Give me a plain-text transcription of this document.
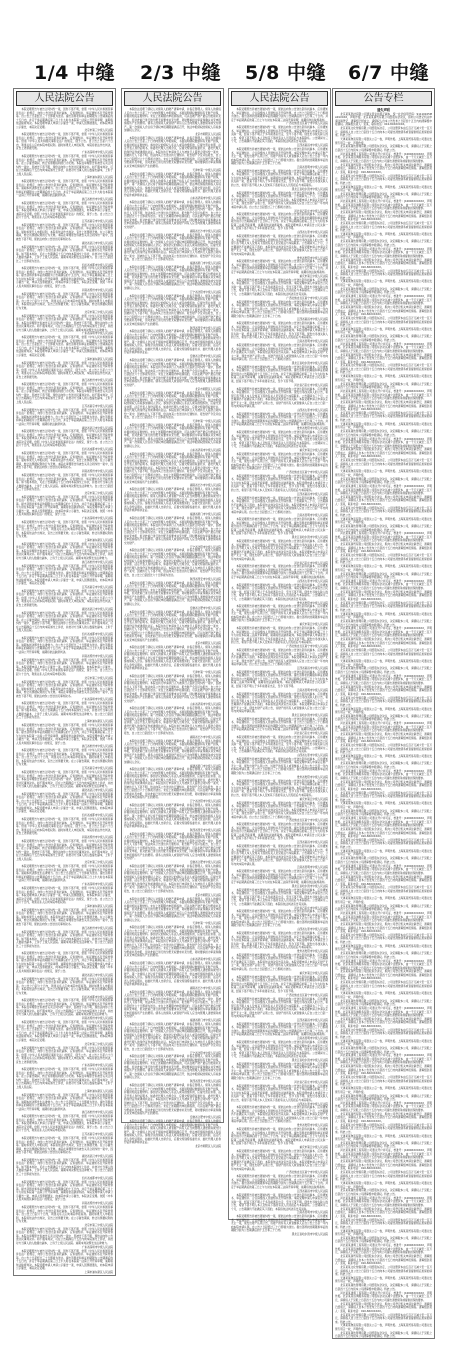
1/4 中缝 2/3 中缝 5/8 中缝 6/7 中缝
人民法院公告

本院受理原告与被告合同纠纷一案，因你下落不明，依照《中华人民共和国民事诉讼法》的规定，向你公告送达起诉状副本、应诉通知书、举证通知书及开庭传票等。自公告之日起经过三十日即视为送达。提出答辩状和举证的期限为公告期满后的十五日内，并定于举证期满后第三日上午九时在本院第一法庭公开开庭审理，逾期将依法缺席判决。本院受理申请人申请公示催告一案，申请人因票据遗失，向本院申请公示催告，本院决定受理。

北京市第三中级人民法院

本院受理原告与被告合同纠纷一案，因你下落不明，依照《中华人民共和国民事诉讼法》的规定，向你公告送达起诉状副本、应诉通知书、举证通知书及开庭传票等。依照《中华人民共和国民事诉讼法》的规定，现予公告。自公告之日起六十日内，利害关系人应向本院申报权利。届时如果无人申报权利，本院将依法作出判决，宣告上述票据无效。

广东省深圳市中级人民法院

本院受理原告与被告合同纠纷一案，因你下落不明，依照《中华人民共和国民事诉讼法》的规定，向你公告送达起诉状副本、应诉通知书、举证通知书及开庭传票等。在公示催告期间，转让该票据权利的行为无效。本院在审理原告诉被告买卖合同纠纷一案中，因被告下落不明，现依法向你公告送达民事判决书。如不服本判决，可在公告期满后十五日内向本院递交上诉状，并按对方当事人的人数提出副本，上诉于上级人民法院。

上海市浦东新区人民法院

本院受理原告与被告合同纠纷一案，因你下落不明，依照《中华人民共和国民事诉讼法》的规定，向你公告送达起诉状副本、应诉通知书、举证通知书及开庭传票等。逾期本判决即发生法律效力。自公告之日起经过三十日即视为送达。提出答辩状和举证的期限为公告期满后的十五日内，并定于举证期满后第三日上午九时在本院第一法庭公开开庭审理，逾期将依法缺席判决。

浙江省杭州市中级人民法院

本院受理原告与被告合同纠纷一案，因你下落不明，依照《中华人民共和国民事诉讼法》的规定，向你公告送达起诉状副本、应诉通知书、举证通知书及开庭传票等。本院受理申请人申请公示催告一案，申请人因票据遗失，向本院申请公示催告，本院决定受理。依照《中华人民共和国民事诉讼法》的规定，现予公告。自公告之日起六十日内，利害关系人应向本院申报权利。

江苏省南京市中级人民法院

本院受理原告与被告合同纠纷一案，因你下落不明，依照《中华人民共和国民事诉讼法》的规定，向你公告送达起诉状副本、应诉通知书、举证通知书及开庭传票等。届时如果无人申报权利，本院将依法作出判决，宣告上述票据无效。在公示催告期间，转让该票据权利的行为无效。本院在审理原告诉被告买卖合同纠纷一案中，因被告下落不明，现依法向你公告送达民事判决书。

湖北省武汉市中级人民法院

本院受理原告与被告合同纠纷一案，因你下落不明，依照《中华人民共和国民事诉讼法》的规定，向你公告送达起诉状副本、应诉通知书、举证通知书及开庭传票等。如不服本判决，可在公告期满后十五日内向本院递交上诉状，并按对方当事人的人数提出副本，上诉于上级人民法院。逾期本判决即发生法律效力。自公告之日起经过三十日即视为送达。

四川省成都市中级人民法院

本院受理原告与被告合同纠纷一案，因你下落不明，依照《中华人民共和国民事诉讼法》的规定，向你公告送达起诉状副本、应诉通知书、举证通知书及开庭传票等。提出答辩状和举证的期限为公告期满后的十五日内，并定于举证期满后第三日上午九时在本院第一法庭公开开庭审理，逾期将依法缺席判决。本院受理申请人申请公示催告一案，申请人因票据遗失，向本院申请公示催告，本院决定受理。依照《中华人民共和国民事诉讼法》的规定，现予公告。

河南省郑州市中级人民法院

本院受理原告与被告合同纠纷一案，因你下落不明，依照《中华人民共和国民事诉讼法》的规定，向你公告送达起诉状副本、应诉通知书、举证通知书及开庭传票等。自公告之日起六十日内，利害关系人应向本院申报权利。届时如果无人申报权利，本院将依法作出判决，宣告上述票据无效。在公示催告期间，转让该票据权利的行为无效。

北京市第三中级人民法院

本院受理原告与被告合同纠纷一案，因你下落不明，依照《中华人民共和国民事诉讼法》的规定，向你公告送达起诉状副本、应诉通知书、举证通知书及开庭传票等。本院在审理原告诉被告买卖合同纠纷一案中，因被告下落不明，现依法向你公告送达民事判决书。如不服本判决，可在公告期满后十五日内向本院递交上诉状，并按对方当事人的人数提出副本，上诉于上级人民法院。逾期本判决即发生法律效力。

广东省深圳市中级人民法院

本院受理原告与被告合同纠纷一案，因你下落不明，依照《中华人民共和国民事诉讼法》的规定，向你公告送达起诉状副本、应诉通知书、举证通知书及开庭传票等。自公告之日起经过三十日即视为送达。提出答辩状和举证的期限为公告期满后的十五日内，并定于举证期满后第三日上午九时在本院第一法庭公开开庭审理，逾期将依法缺席判决。本院受理申请人申请公示催告一案，申请人因票据遗失，向本院申请公示催告，本院决定受理。

上海市浦东新区人民法院

本院受理原告与被告合同纠纷一案，因你下落不明，依照《中华人民共和国民事诉讼法》的规定，向你公告送达起诉状副本、应诉通知书、举证通知书及开庭传票等。依照《中华人民共和国民事诉讼法》的规定，现予公告。自公告之日起六十日内，利害关系人应向本院申报权利。届时如果无人申报权利，本院将依法作出判决，宣告上述票据无效。

浙江省杭州市中级人民法院

本院受理原告与被告合同纠纷一案，因你下落不明，依照《中华人民共和国民事诉讼法》的规定，向你公告送达起诉状副本、应诉通知书、举证通知书及开庭传票等。在公示催告期间，转让该票据权利的行为无效。本院在审理原告诉被告买卖合同纠纷一案中，因被告下落不明，现依法向你公告送达民事判决书。如不服本判决，可在公告期满后十五日内向本院递交上诉状，并按对方当事人的人数提出副本，上诉于上级人民法院。

江苏省南京市中级人民法院

本院受理原告与被告合同纠纷一案，因你下落不明，依照《中华人民共和国民事诉讼法》的规定，向你公告送达起诉状副本、应诉通知书、举证通知书及开庭传票等。逾期本判决即发生法律效力。自公告之日起经过三十日即视为送达。提出答辩状和举证的期限为公告期满后的十五日内，并定于举证期满后第三日上午九时在本院第一法庭公开开庭审理，逾期将依法缺席判决。

湖北省武汉市中级人民法院

本院受理原告与被告合同纠纷一案，因你下落不明，依照《中华人民共和国民事诉讼法》的规定，向你公告送达起诉状副本、应诉通知书、举证通知书及开庭传票等。本院受理申请人申请公示催告一案，申请人因票据遗失，向本院申请公示催告，本院决定受理。依照《中华人民共和国民事诉讼法》的规定，现予公告。自公告之日起六十日内，利害关系人应向本院申报权利。

四川省成都市中级人民法院

本院受理原告与被告合同纠纷一案，因你下落不明，依照《中华人民共和国民事诉讼法》的规定，向你公告送达起诉状副本、应诉通知书、举证通知书及开庭传票等。届时如果无人申报权利，本院将依法作出判决，宣告上述票据无效。在公示催告期间，转让该票据权利的行为无效。本院在审理原告诉被告买卖合同纠纷一案中，因被告下落不明，现依法向你公告送达民事判决书。

河南省郑州市中级人民法院

本院受理原告与被告合同纠纷一案，因你下落不明，依照《中华人民共和国民事诉讼法》的规定，向你公告送达起诉状副本、应诉通知书、举证通知书及开庭传票等。如不服本判决，可在公告期满后十五日内向本院递交上诉状，并按对方当事人的人数提出副本，上诉于上级人民法院。逾期本判决即发生法律效力。自公告之日起经过三十日即视为送达。

北京市第三中级人民法院

本院受理原告与被告合同纠纷一案，因你下落不明，依照《中华人民共和国民事诉讼法》的规定，向你公告送达起诉状副本、应诉通知书、举证通知书及开庭传票等。提出答辩状和举证的期限为公告期满后的十五日内，并定于举证期满后第三日上午九时在本院第一法庭公开开庭审理，逾期将依法缺席判决。本院受理申请人申请公示催告一案，申请人因票据遗失，向本院申请公示催告，本院决定受理。依照《中华人民共和国民事诉讼法》的规定，现予公告。

广东省深圳市中级人民法院

本院受理原告与被告合同纠纷一案，因你下落不明，依照《中华人民共和国民事诉讼法》的规定，向你公告送达起诉状副本、应诉通知书、举证通知书及开庭传票等。自公告之日起六十日内，利害关系人应向本院申报权利。届时如果无人申报权利，本院将依法作出判决，宣告上述票据无效。在公示催告期间，转让该票据权利的行为无效。

上海市浦东新区人民法院

本院受理原告与被告合同纠纷一案，因你下落不明，依照《中华人民共和国民事诉讼法》的规定，向你公告送达起诉状副本、应诉通知书、举证通知书及开庭传票等。本院在审理原告诉被告买卖合同纠纷一案中，因被告下落不明，现依法向你公告送达民事判决书。如不服本判决，可在公告期满后十五日内向本院递交上诉状，并按对方当事人的人数提出副本，上诉于上级人民法院。逾期本判决即发生法律效力。

浙江省杭州市中级人民法院

本院受理原告与被告合同纠纷一案，因你下落不明，依照《中华人民共和国民事诉讼法》的规定，向你公告送达起诉状副本、应诉通知书、举证通知书及开庭传票等。自公告之日起经过三十日即视为送达。提出答辩状和举证的期限为公告期满后的十五日内，并定于举证期满后第三日上午九时在本院第一法庭公开开庭审理，逾期将依法缺席判决。本院受理申请人申请公示催告一案，申请人因票据遗失，向本院申请公示催告，本院决定受理。

江苏省南京市中级人民法院

本院受理原告与被告合同纠纷一案，因你下落不明，依照《中华人民共和国民事诉讼法》的规定，向你公告送达起诉状副本、应诉通知书、举证通知书及开庭传票等。依照《中华人民共和国民事诉讼法》的规定，现予公告。自公告之日起六十日内，利害关系人应向本院申报权利。届时如果无人申报权利，本院将依法作出判决，宣告上述票据无效。

湖北省武汉市中级人民法院

本院受理原告与被告合同纠纷一案，因你下落不明，依照《中华人民共和国民事诉讼法》的规定，向你公告送达起诉状副本、应诉通知书、举证通知书及开庭传票等。在公示催告期间，转让该票据权利的行为无效。本院在审理原告诉被告买卖合同纠纷一案中，因被告下落不明，现依法向你公告送达民事判决书。如不服本判决，可在公告期满后十五日内向本院递交上诉状，并按对方当事人的人数提出副本，上诉于上级人民法院。

四川省成都市中级人民法院

本院受理原告与被告合同纠纷一案，因你下落不明，依照《中华人民共和国民事诉讼法》的规定，向你公告送达起诉状副本、应诉通知书、举证通知书及开庭传票等。逾期本判决即发生法律效力。自公告之日起经过三十日即视为送达。提出答辩状和举证的期限为公告期满后的十五日内，并定于举证期满后第三日上午九时在本院第一法庭公开开庭审理，逾期将依法缺席判决。

河南省郑州市中级人民法院

本院受理原告与被告合同纠纷一案，因你下落不明，依照《中华人民共和国民事诉讼法》的规定，向你公告送达起诉状副本、应诉通知书、举证通知书及开庭传票等。本院受理申请人申请公示催告一案，申请人因票据遗失，向本院申请公示催告，本院决定受理。依照《中华人民共和国民事诉讼法》的规定，现予公告。自公告之日起六十日内，利害关系人应向本院申报权利。

北京市第三中级人民法院

本院受理原告与被告合同纠纷一案，因你下落不明，依照《中华人民共和国民事诉讼法》的规定，向你公告送达起诉状副本、应诉通知书、举证通知书及开庭传票等。届时如果无人申报权利，本院将依法作出判决，宣告上述票据无效。在公示催告期间，转让该票据权利的行为无效。本院在审理原告诉被告买卖合同纠纷一案中，因被告下落不明，现依法向你公告送达民事判决书。

广东省深圳市中级人民法院

本院受理原告与被告合同纠纷一案，因你下落不明，依照《中华人民共和国民事诉讼法》的规定，向你公告送达起诉状副本、应诉通知书、举证通知书及开庭传票等。如不服本判决，可在公告期满后十五日内向本院递交上诉状，并按对方当事人的人数提出副本，上诉于上级人民法院。逾期本判决即发生法律效力。自公告之日起经过三十日即视为送达。

上海市浦东新区人民法院

本院受理原告与被告合同纠纷一案，因你下落不明，依照《中华人民共和国民事诉讼法》的规定，向你公告送达起诉状副本、应诉通知书、举证通知书及开庭传票等。提出答辩状和举证的期限为公告期满后的十五日内，并定于举证期满后第三日上午九时在本院第一法庭公开开庭审理，逾期将依法缺席判决。本院受理申请人申请公示催告一案，申请人因票据遗失，向本院申请公示催告，本院决定受理。依照《中华人民共和国民事诉讼法》的规定，现予公告。

浙江省杭州市中级人民法院

本院受理原告与被告合同纠纷一案，因你下落不明，依照《中华人民共和国民事诉讼法》的规定，向你公告送达起诉状副本、应诉通知书、举证通知书及开庭传票等。自公告之日起六十日内，利害关系人应向本院申报权利。届时如果无人申报权利，本院将依法作出判决，宣告上述票据无效。在公示催告期间，转让该票据权利的行为无效。

江苏省南京市中级人民法院

本院受理原告与被告合同纠纷一案，因你下落不明，依照《中华人民共和国民事诉讼法》的规定，向你公告送达起诉状副本、应诉通知书、举证通知书及开庭传票等。本院在审理原告诉被告买卖合同纠纷一案中，因被告下落不明，现依法向你公告送达民事判决书。如不服本判决，可在公告期满后十五日内向本院递交上诉状，并按对方当事人的人数提出副本，上诉于上级人民法院。逾期本判决即发生法律效力。

湖北省武汉市中级人民法院

本院受理原告与被告合同纠纷一案，因你下落不明，依照《中华人民共和国民事诉讼法》的规定，向你公告送达起诉状副本、应诉通知书、举证通知书及开庭传票等。自公告之日起经过三十日即视为送达。提出答辩状和举证的期限为公告期满后的十五日内，并定于举证期满后第三日上午九时在本院第一法庭公开开庭审理，逾期将依法缺席判决。本院受理申请人申请公示催告一案，申请人因票据遗失，向本院申请公示催告，本院决定受理。

四川省成都市中级人民法院

本院受理原告与被告合同纠纷一案，因你下落不明，依照《中华人民共和国民事诉讼法》的规定，向你公告送达起诉状副本、应诉通知书、举证通知书及开庭传票等。依照《中华人民共和国民事诉讼法》的规定，现予公告。自公告之日起六十日内，利害关系人应向本院申报权利。届时如果无人申报权利，本院将依法作出判决，宣告上述票据无效。

河南省郑州市中级人民法院

本院受理原告与被告合同纠纷一案，因你下落不明，依照《中华人民共和国民事诉讼法》的规定，向你公告送达起诉状副本、应诉通知书、举证通知书及开庭传票等。在公示催告期间，转让该票据权利的行为无效。本院在审理原告诉被告买卖合同纠纷一案中，因被告下落不明，现依法向你公告送达民事判决书。如不服本判决，可在公告期满后十五日内向本院递交上诉状，并按对方当事人的人数提出副本，上诉于上级人民法院。

北京市第三中级人民法院

本院受理原告与被告合同纠纷一案，因你下落不明，依照《中华人民共和国民事诉讼法》的规定，向你公告送达起诉状副本、应诉通知书、举证通知书及开庭传票等。逾期本判决即发生法律效力。自公告之日起经过三十日即视为送达。提出答辩状和举证的期限为公告期满后的十五日内，并定于举证期满后第三日上午九时在本院第一法庭公开开庭审理，逾期将依法缺席判决。

广东省深圳市中级人民法院

本院受理原告与被告合同纠纷一案，因你下落不明，依照《中华人民共和国民事诉讼法》的规定，向你公告送达起诉状副本、应诉通知书、举证通知书及开庭传票等。本院受理申请人申请公示催告一案，申请人因票据遗失，向本院申请公示催告，本院决定受理。依照《中华人民共和国民事诉讼法》的规定，现予公告。自公告之日起六十日内，利害关系人应向本院申报权利。

上海市浦东新区人民法院

本院受理原告与被告合同纠纷一案，因你下落不明，依照《中华人民共和国民事诉讼法》的规定，向你公告送达起诉状副本、应诉通知书、举证通知书及开庭传票等。届时如果无人申报权利，本院将依法作出判决，宣告上述票据无效。在公示催告期间，转让该票据权利的行为无效。本院在审理原告诉被告买卖合同纠纷一案中，因被告下落不明，现依法向你公告送达民事判决书。

浙江省杭州市中级人民法院

本院受理原告与被告合同纠纷一案，因你下落不明，依照《中华人民共和国民事诉讼法》的规定，向你公告送达起诉状副本、应诉通知书、举证通知书及开庭传票等。如不服本判决，可在公告期满后十五日内向本院递交上诉状，并按对方当事人的人数提出副本，上诉于上级人民法院。逾期本判决即发生法律效力。自公告之日起经过三十日即视为送达。

江苏省南京市中级人民法院

本院受理原告与被告合同纠纷一案，因你下落不明，依照《中华人民共和国民事诉讼法》的规定，向你公告送达起诉状副本、应诉通知书、举证通知书及开庭传票等。提出答辩状和举证的期限为公告期满后的十五日内，并定于举证期满后第三日上午九时在本院第一法庭公开开庭审理，逾期将依法缺席判决。本院受理申请人申请公示催告一案，申请人因票据遗失，向本院申请公示催告，本院决定受理。依照《中华人民共和国民事诉讼法》的规定，现予公告。

湖北省武汉市中级人民法院

本院受理原告与被告合同纠纷一案，因你下落不明，依照《中华人民共和国民事诉讼法》的规定，向你公告送达起诉状副本、应诉通知书、举证通知书及开庭传票等。自公告之日起六十日内，利害关系人应向本院申报权利。届时如果无人申报权利，本院将依法作出判决，宣告上述票据无效。在公示催告期间，转让该票据权利的行为无效。

四川省成都市中级人民法院

本院受理原告与被告合同纠纷一案，因你下落不明，依照《中华人民共和国民事诉讼法》的规定，向你公告送达起诉状副本、应诉通知书、举证通知书及开庭传票等。本院在审理原告诉被告买卖合同纠纷一案中，因被告下落不明，现依法向你公告送达民事判决书。如不服本判决，可在公告期满后十五日内向本院递交上诉状，并按对方当事人的人数提出副本，上诉于上级人民法院。逾期本判决即发生法律效力。

河南省郑州市中级人民法院

本院受理原告与被告合同纠纷一案，因你下落不明，依照《中华人民共和国民事诉讼法》的规定，向你公告送达起诉状副本、应诉通知书、举证通知书及开庭传票等。自公告之日起经过三十日即视为送达。提出答辩状和举证的期限为公告期满后的十五日内，并定于举证期满后第三日上午九时在本院第一法庭公开开庭审理，逾期将依法缺席判决。本院受理申请人申请公示催告一案，申请人因票据遗失，向本院申请公示催告，本院决定受理。

北京市第三中级人民法院

本院受理原告与被告合同纠纷一案，因你下落不明，依照《中华人民共和国民事诉讼法》的规定，向你公告送达起诉状副本、应诉通知书、举证通知书及开庭传票等。依照《中华人民共和国民事诉讼法》的规定，现予公告。自公告之日起六十日内，利害关系人应向本院申报权利。届时如果无人申报权利，本院将依法作出判决，宣告上述票据无效。

广东省深圳市中级人民法院

本院受理原告与被告合同纠纷一案，因你下落不明，依照《中华人民共和国民事诉讼法》的规定，向你公告送达起诉状副本、应诉通知书、举证通知书及开庭传票等。在公示催告期间，转让该票据权利的行为无效。本院在审理原告诉被告买卖合同纠纷一案中，因被告下落不明，现依法向你公告送达民事判决书。如不服本判决，可在公告期满后十五日内向本院递交上诉状，并按对方当事人的人数提出副本，上诉于上级人民法院。

上海市浦东新区人民法院

本院受理原告与被告合同纠纷一案，因你下落不明，依照《中华人民共和国民事诉讼法》的规定，向你公告送达起诉状副本、应诉通知书、举证通知书及开庭传票等。逾期本判决即发生法律效力。自公告之日起经过三十日即视为送达。提出答辩状和举证的期限为公告期满后的十五日内，并定于举证期满后第三日上午九时在本院第一法庭公开开庭审理，逾期将依法缺席判决。

浙江省杭州市中级人民法院

本院受理原告与被告合同纠纷一案，因你下落不明，依照《中华人民共和国民事诉讼法》的规定，向你公告送达起诉状副本、应诉通知书、举证通知书及开庭传票等。本院受理申请人申请公示催告一案，申请人因票据遗失，向本院申请公示催告，本院决定受理。依照《中华人民共和国民事诉讼法》的规定，现予公告。自公告之日起六十日内，利害关系人应向本院申报权利。

江苏省南京市中级人民法院

本院受理原告与被告合同纠纷一案，因你下落不明，依照《中华人民共和国民事诉讼法》的规定，向你公告送达起诉状副本、应诉通知书、举证通知书及开庭传票等。届时如果无人申报权利，本院将依法作出判决，宣告上述票据无效。在公示催告期间，转让该票据权利的行为无效。本院在审理原告诉被告买卖合同纠纷一案中，因被告下落不明，现依法向你公告送达民事判决书。

湖北省武汉市中级人民法院

本院受理原告与被告合同纠纷一案，因你下落不明，依照《中华人民共和国民事诉讼法》的规定，向你公告送达起诉状副本、应诉通知书、举证通知书及开庭传票等。如不服本判决，可在公告期满后十五日内向本院递交上诉状，并按对方当事人的人数提出副本，上诉于上级人民法院。逾期本判决即发生法律效力。自公告之日起经过三十日即视为送达。

四川省成都市中级人民法院

本院受理原告与被告合同纠纷一案，因你下落不明，依照《中华人民共和国民事诉讼法》的规定，向你公告送达起诉状副本、应诉通知书、举证通知书及开庭传票等。提出答辩状和举证的期限为公告期满后的十五日内，并定于举证期满后第三日上午九时在本院第一法庭公开开庭审理，逾期将依法缺席判决。本院受理申请人申请公示催告一案，申请人因票据遗失，向本院申请公示催告，本院决定受理。依照《中华人民共和国民事诉讼法》的规定，现予公告。

河南省郑州市中级人民法院

本院受理原告与被告合同纠纷一案，因你下落不明，依照《中华人民共和国民事诉讼法》的规定，向你公告送达起诉状副本、应诉通知书、举证通知书及开庭传票等。自公告之日起六十日内，利害关系人应向本院申报权利。届时如果无人申报权利，本院将依法作出判决，宣告上述票据无效。在公示催告期间，转让该票据权利的行为无效。

北京市第三中级人民法院

本院受理原告与被告合同纠纷一案，因你下落不明，依照《中华人民共和国民事诉讼法》的规定，向你公告送达起诉状副本、应诉通知书、举证通知书及开庭传票等。本院在审理原告诉被告买卖合同纠纷一案中，因被告下落不明，现依法向你公告送达民事判决书。如不服本判决，可在公告期满后十五日内向本院递交上诉状，并按对方当事人的人数提出副本，上诉于上级人民法院。逾期本判决即发生法律效力。

广东省深圳市中级人民法院

本院受理原告与被告合同纠纷一案，因你下落不明，依照《中华人民共和国民事诉讼法》的规定，向你公告送达起诉状副本、应诉通知书、举证通知书及开庭传票等。自公告之日起经过三十日即视为送达。提出答辩状和举证的期限为公告期满后的十五日内，并定于举证期满后第三日上午九时在本院第一法庭公开开庭审理，逾期将依法缺席判决。本院受理申请人申请公示催告一案，申请人因票据遗失，向本院申请公示催告，本院决定受理。

上海市浦东新区人民法院

人民法院公告

本院依法受理了债权人对债务人的破产清算申请，并指定管理人。债务人的债权人应自公告之日起三十日内向管理人申报债权，书面说明债权数额和有无财产担保，并提供相关证据材料。未在上述期限内申报债权的，可以在破产财产最后分配前补充申报，但对此前已进行的分配无权要求补充分配，同时要承担为审查和确认补充申报债权所产生的费用。债务人的债务人或者财产持有人应当向管理人清偿债务或交付财产。第一次债权人会议将于债权申报期限届满后召开，依法申报债权的债权人有权参加债权人会议。

北京市朝阳区人民法院

本院依法受理了债权人对债务人的破产清算申请，并指定管理人。债务人的债权人应自公告之日起三十日内向管理人申报债权，书面说明债权数额和有无财产担保，并提供相关证据材料。参加会议的债权人系法人或其他组织的，应提交营业执照、法定代表人身份证明书，如委托代理人出席会议，应提交特别授权委托书、委托代理人的身份证件或律师执业证。本院在执行申请执行人与被执行人借款合同纠纷一案中，因被执行人下落不明，依法向其公告送达执行通知书、报告财产令及评估报告，自公告之日起经过六十日即视为送达。未在上述期限内申报债权的，可以在破产财产最后分配前补充申报，但对此前已进行的分配无权要求补充分配，同时要承担为审查和确认补充申报债权所产生的费用。

天津市第一中级人民法院

本院依法受理了债权人对债务人的破产清算申请，并指定管理人。债务人的债权人应自公告之日起三十日内向管理人申报债权，书面说明债权数额和有无财产担保，并提供相关证据材料。债务人的债务人或者财产持有人应当向管理人清偿债务或交付财产。第一次债权人会议将于债权申报期限届满后召开，依法申报债权的债权人有权参加债权人会议。参加会议的债权人系法人或其他组织的，应提交营业执照、法定代表人身份证明书，如委托代理人出席会议，应提交特别授权委托书、委托代理人的身份证件或律师执业证。

山东省济南市中级人民法院

本院依法受理了债权人对债务人的破产清算申请，并指定管理人。债务人的债权人应自公告之日起三十日内向管理人申报债权，书面说明债权数额和有无财产担保，并提供相关证据材料。本院在执行申请执行人与被执行人借款合同纠纷一案中，因被执行人下落不明，依法向其公告送达执行通知书、报告财产令及评估报告，自公告之日起经过六十日即视为送达。未在上述期限内申报债权的，可以在破产财产最后分配前补充申报，但对此前已进行的分配无权要求补充分配，同时要承担为审查和确认补充申报债权所产生的费用。债务人的债务人或者财产持有人应当向管理人清偿债务或交付财产。

湖南省长沙市中级人民法院

本院依法受理了债权人对债务人的破产清算申请，并指定管理人。债务人的债权人应自公告之日起三十日内向管理人申报债权，书面说明债权数额和有无财产担保，并提供相关证据材料。第一次债权人会议将于债权申报期限届满后召开，依法申报债权的债权人有权参加债权人会议。参加会议的债权人系法人或其他组织的，应提交营业执照、法定代表人身份证明书，如委托代理人出席会议，应提交特别授权委托书、委托代理人的身份证件或律师执业证。本院在执行申请执行人与被执行人借款合同纠纷一案中，因被执行人下落不明，依法向其公告送达执行通知书、报告财产令及评估报告，自公告之日起经过六十日即视为送达。

福建省厦门市中级人民法院

本院依法受理了债权人对债务人的破产清算申请，并指定管理人。债务人的债权人应自公告之日起三十日内向管理人申报债权，书面说明债权数额和有无财产担保，并提供相关证据材料。未在上述期限内申报债权的，可以在破产财产最后分配前补充申报，但对此前已进行的分配无权要求补充分配，同时要承担为审查和确认补充申报债权所产生的费用。债务人的债务人或者财产持有人应当向管理人清偿债务或交付财产。第一次债权人会议将于债权申报期限届满后召开，依法申报债权的债权人有权参加债权人会议。

辽宁省沈阳市中级人民法院

本院依法受理了债权人对债务人的破产清算申请，并指定管理人。债务人的债权人应自公告之日起三十日内向管理人申报债权，书面说明债权数额和有无财产担保，并提供相关证据材料。参加会议的债权人系法人或其他组织的，应提交营业执照、法定代表人身份证明书，如委托代理人出席会议，应提交特别授权委托书、委托代理人的身份证件或律师执业证。本院在执行申请执行人与被执行人借款合同纠纷一案中，因被执行人下落不明，依法向其公告送达执行通知书、报告财产令及评估报告，自公告之日起经过六十日即视为送达。未在上述期限内申报债权的，可以在破产财产最后分配前补充申报，但对此前已进行的分配无权要求补充分配，同时要承担为审查和确认补充申报债权所产生的费用。

陕西省西安市中级人民法院

本院依法受理了债权人对债务人的破产清算申请，并指定管理人。债务人的债权人应自公告之日起三十日内向管理人申报债权，书面说明债权数额和有无财产担保，并提供相关证据材料。债务人的债务人或者财产持有人应当向管理人清偿债务或交付财产。第一次债权人会议将于债权申报期限届满后召开，依法申报债权的债权人有权参加债权人会议。参加会议的债权人系法人或其他组织的，应提交营业执照、法定代表人身份证明书，如委托代理人出席会议，应提交特别授权委托书、委托代理人的身份证件或律师执业证。

安徽省合肥市中级人民法院

本院依法受理了债权人对债务人的破产清算申请，并指定管理人。债务人的债权人应自公告之日起三十日内向管理人申报债权，书面说明债权数额和有无财产担保，并提供相关证据材料。本院在执行申请执行人与被执行人借款合同纠纷一案中，因被执行人下落不明，依法向其公告送达执行通知书、报告财产令及评估报告，自公告之日起经过六十日即视为送达。未在上述期限内申报债权的，可以在破产财产最后分配前补充申报，但对此前已进行的分配无权要求补充分配，同时要承担为审查和确认补充申报债权所产生的费用。债务人的债务人或者财产持有人应当向管理人清偿债务或交付财产。

北京市朝阳区人民法院

本院依法受理了债权人对债务人的破产清算申请，并指定管理人。债务人的债权人应自公告之日起三十日内向管理人申报债权，书面说明债权数额和有无财产担保，并提供相关证据材料。第一次债权人会议将于债权申报期限届满后召开，依法申报债权的债权人有权参加债权人会议。参加会议的债权人系法人或其他组织的，应提交营业执照、法定代表人身份证明书，如委托代理人出席会议，应提交特别授权委托书、委托代理人的身份证件或律师执业证。本院在执行申请执行人与被执行人借款合同纠纷一案中，因被执行人下落不明，依法向其公告送达执行通知书、报告财产令及评估报告，自公告之日起经过六十日即视为送达。

天津市第一中级人民法院

本院依法受理了债权人对债务人的破产清算申请，并指定管理人。债务人的债权人应自公告之日起三十日内向管理人申报债权，书面说明债权数额和有无财产担保，并提供相关证据材料。未在上述期限内申报债权的，可以在破产财产最后分配前补充申报，但对此前已进行的分配无权要求补充分配，同时要承担为审查和确认补充申报债权所产生的费用。债务人的债务人或者财产持有人应当向管理人清偿债务或交付财产。第一次债权人会议将于债权申报期限届满后召开，依法申报债权的债权人有权参加债权人会议。

山东省济南市中级人民法院

本院依法受理了债权人对债务人的破产清算申请，并指定管理人。债务人的债权人应自公告之日起三十日内向管理人申报债权，书面说明债权数额和有无财产担保，并提供相关证据材料。参加会议的债权人系法人或其他组织的，应提交营业执照、法定代表人身份证明书，如委托代理人出席会议，应提交特别授权委托书、委托代理人的身份证件或律师执业证。本院在执行申请执行人与被执行人借款合同纠纷一案中，因被执行人下落不明，依法向其公告送达执行通知书、报告财产令及评估报告，自公告之日起经过六十日即视为送达。未在上述期限内申报债权的，可以在破产财产最后分配前补充申报，但对此前已进行的分配无权要求补充分配，同时要承担为审查和确认补充申报债权所产生的费用。

湖南省长沙市中级人民法院

本院依法受理了债权人对债务人的破产清算申请，并指定管理人。债务人的债权人应自公告之日起三十日内向管理人申报债权，书面说明债权数额和有无财产担保，并提供相关证据材料。债务人的债务人或者财产持有人应当向管理人清偿债务或交付财产。第一次债权人会议将于债权申报期限届满后召开，依法申报债权的债权人有权参加债权人会议。参加会议的债权人系法人或其他组织的，应提交营业执照、法定代表人身份证明书，如委托代理人出席会议，应提交特别授权委托书、委托代理人的身份证件或律师执业证。

福建省厦门市中级人民法院

本院依法受理了债权人对债务人的破产清算申请，并指定管理人。债务人的债权人应自公告之日起三十日内向管理人申报债权，书面说明债权数额和有无财产担保，并提供相关证据材料。本院在执行申请执行人与被执行人借款合同纠纷一案中，因被执行人下落不明，依法向其公告送达执行通知书、报告财产令及评估报告，自公告之日起经过六十日即视为送达。未在上述期限内申报债权的，可以在破产财产最后分配前补充申报，但对此前已进行的分配无权要求补充分配，同时要承担为审查和确认补充申报债权所产生的费用。债务人的债务人或者财产持有人应当向管理人清偿债务或交付财产。

辽宁省沈阳市中级人民法院

本院依法受理了债权人对债务人的破产清算申请，并指定管理人。债务人的债权人应自公告之日起三十日内向管理人申报债权，书面说明债权数额和有无财产担保，并提供相关证据材料。第一次债权人会议将于债权申报期限届满后召开，依法申报债权的债权人有权参加债权人会议。参加会议的债权人系法人或其他组织的，应提交营业执照、法定代表人身份证明书，如委托代理人出席会议，应提交特别授权委托书、委托代理人的身份证件或律师执业证。本院在执行申请执行人与被执行人借款合同纠纷一案中，因被执行人下落不明，依法向其公告送达执行通知书、报告财产令及评估报告，自公告之日起经过六十日即视为送达。

陕西省西安市中级人民法院

本院依法受理了债权人对债务人的破产清算申请，并指定管理人。债务人的债权人应自公告之日起三十日内向管理人申报债权，书面说明债权数额和有无财产担保，并提供相关证据材料。未在上述期限内申报债权的，可以在破产财产最后分配前补充申报，但对此前已进行的分配无权要求补充分配，同时要承担为审查和确认补充申报债权所产生的费用。债务人的债务人或者财产持有人应当向管理人清偿债务或交付财产。第一次债权人会议将于债权申报期限届满后召开，依法申报债权的债权人有权参加债权人会议。

安徽省合肥市中级人民法院

本院依法受理了债权人对债务人的破产清算申请，并指定管理人。债务人的债权人应自公告之日起三十日内向管理人申报债权，书面说明债权数额和有无财产担保，并提供相关证据材料。参加会议的债权人系法人或其他组织的，应提交营业执照、法定代表人身份证明书，如委托代理人出席会议，应提交特别授权委托书、委托代理人的身份证件或律师执业证。本院在执行申请执行人与被执行人借款合同纠纷一案中，因被执行人下落不明，依法向其公告送达执行通知书、报告财产令及评估报告，自公告之日起经过六十日即视为送达。未在上述期限内申报债权的，可以在破产财产最后分配前补充申报，但对此前已进行的分配无权要求补充分配，同时要承担为审查和确认补充申报债权所产生的费用。

北京市朝阳区人民法院

本院依法受理了债权人对债务人的破产清算申请，并指定管理人。债务人的债权人应自公告之日起三十日内向管理人申报债权，书面说明债权数额和有无财产担保，并提供相关证据材料。债务人的债务人或者财产持有人应当向管理人清偿债务或交付财产。第一次债权人会议将于债权申报期限届满后召开，依法申报债权的债权人有权参加债权人会议。参加会议的债权人系法人或其他组织的，应提交营业执照、法定代表人身份证明书，如委托代理人出席会议，应提交特别授权委托书、委托代理人的身份证件或律师执业证。

天津市第一中级人民法院

本院依法受理了债权人对债务人的破产清算申请，并指定管理人。债务人的债权人应自公告之日起三十日内向管理人申报债权，书面说明债权数额和有无财产担保，并提供相关证据材料。本院在执行申请执行人与被执行人借款合同纠纷一案中，因被执行人下落不明，依法向其公告送达执行通知书、报告财产令及评估报告，自公告之日起经过六十日即视为送达。未在上述期限内申报债权的，可以在破产财产最后分配前补充申报，但对此前已进行的分配无权要求补充分配，同时要承担为审查和确认补充申报债权所产生的费用。债务人的债务人或者财产持有人应当向管理人清偿债务或交付财产。

山东省济南市中级人民法院

本院依法受理了债权人对债务人的破产清算申请，并指定管理人。债务人的债权人应自公告之日起三十日内向管理人申报债权，书面说明债权数额和有无财产担保，并提供相关证据材料。第一次债权人会议将于债权申报期限届满后召开，依法申报债权的债权人有权参加债权人会议。参加会议的债权人系法人或其他组织的，应提交营业执照、法定代表人身份证明书，如委托代理人出席会议，应提交特别授权委托书、委托代理人的身份证件或律师执业证。本院在执行申请执行人与被执行人借款合同纠纷一案中，因被执行人下落不明，依法向其公告送达执行通知书、报告财产令及评估报告，自公告之日起经过六十日即视为送达。

湖南省长沙市中级人民法院

本院依法受理了债权人对债务人的破产清算申请，并指定管理人。债务人的债权人应自公告之日起三十日内向管理人申报债权，书面说明债权数额和有无财产担保，并提供相关证据材料。未在上述期限内申报债权的，可以在破产财产最后分配前补充申报，但对此前已进行的分配无权要求补充分配，同时要承担为审查和确认补充申报债权所产生的费用。债务人的债务人或者财产持有人应当向管理人清偿债务或交付财产。第一次债权人会议将于债权申报期限届满后召开，依法申报债权的债权人有权参加债权人会议。

福建省厦门市中级人民法院

本院依法受理了债权人对债务人的破产清算申请，并指定管理人。债务人的债权人应自公告之日起三十日内向管理人申报债权，书面说明债权数额和有无财产担保，并提供相关证据材料。参加会议的债权人系法人或其他组织的，应提交营业执照、法定代表人身份证明书，如委托代理人出席会议，应提交特别授权委托书、委托代理人的身份证件或律师执业证。本院在执行申请执行人与被执行人借款合同纠纷一案中，因被执行人下落不明，依法向其公告送达执行通知书、报告财产令及评估报告，自公告之日起经过六十日即视为送达。未在上述期限内申报债权的，可以在破产财产最后分配前补充申报，但对此前已进行的分配无权要求补充分配，同时要承担为审查和确认补充申报债权所产生的费用。

辽宁省沈阳市中级人民法院

本院依法受理了债权人对债务人的破产清算申请，并指定管理人。债务人的债权人应自公告之日起三十日内向管理人申报债权，书面说明债权数额和有无财产担保，并提供相关证据材料。债务人的债务人或者财产持有人应当向管理人清偿债务或交付财产。第一次债权人会议将于债权申报期限届满后召开，依法申报债权的债权人有权参加债权人会议。参加会议的债权人系法人或其他组织的，应提交营业执照、法定代表人身份证明书，如委托代理人出席会议，应提交特别授权委托书、委托代理人的身份证件或律师执业证。

陕西省西安市中级人民法院

本院依法受理了债权人对债务人的破产清算申请，并指定管理人。债务人的债权人应自公告之日起三十日内向管理人申报债权，书面说明债权数额和有无财产担保，并提供相关证据材料。本院在执行申请执行人与被执行人借款合同纠纷一案中，因被执行人下落不明，依法向其公告送达执行通知书、报告财产令及评估报告，自公告之日起经过六十日即视为送达。未在上述期限内申报债权的，可以在破产财产最后分配前补充申报，但对此前已进行的分配无权要求补充分配，同时要承担为审查和确认补充申报债权所产生的费用。债务人的债务人或者财产持有人应当向管理人清偿债务或交付财产。

安徽省合肥市中级人民法院

本院依法受理了债权人对债务人的破产清算申请，并指定管理人。债务人的债权人应自公告之日起三十日内向管理人申报债权，书面说明债权数额和有无财产担保，并提供相关证据材料。第一次债权人会议将于债权申报期限届满后召开，依法申报债权的债权人有权参加债权人会议。参加会议的债权人系法人或其他组织的，应提交营业执照、法定代表人身份证明书，如委托代理人出席会议，应提交特别授权委托书、委托代理人的身份证件或律师执业证。本院在执行申请执行人与被执行人借款合同纠纷一案中，因被执行人下落不明，依法向其公告送达执行通知书、报告财产令及评估报告，自公告之日起经过六十日即视为送达。

北京市朝阳区人民法院

本院依法受理了债权人对债务人的破产清算申请，并指定管理人。债务人的债权人应自公告之日起三十日内向管理人申报债权，书面说明债权数额和有无财产担保，并提供相关证据材料。未在上述期限内申报债权的，可以在破产财产最后分配前补充申报，但对此前已进行的分配无权要求补充分配，同时要承担为审查和确认补充申报债权所产生的费用。债务人的债务人或者财产持有人应当向管理人清偿债务或交付财产。第一次债权人会议将于债权申报期限届满后召开，依法申报债权的债权人有权参加债权人会议。

天津市第一中级人民法院

本院依法受理了债权人对债务人的破产清算申请，并指定管理人。债务人的债权人应自公告之日起三十日内向管理人申报债权，书面说明债权数额和有无财产担保，并提供相关证据材料。参加会议的债权人系法人或其他组织的，应提交营业执照、法定代表人身份证明书，如委托代理人出席会议，应提交特别授权委托书、委托代理人的身份证件或律师执业证。本院在执行申请执行人与被执行人借款合同纠纷一案中，因被执行人下落不明，依法向其公告送达执行通知书、报告财产令及评估报告，自公告之日起经过六十日即视为送达。未在上述期限内申报债权的，可以在破产财产最后分配前补充申报，但对此前已进行的分配无权要求补充分配，同时要承担为审查和确认补充申报债权所产生的费用。

山东省济南市中级人民法院

本院依法受理了债权人对债务人的破产清算申请，并指定管理人。债务人的债权人应自公告之日起三十日内向管理人申报债权，书面说明债权数额和有无财产担保，并提供相关证据材料。债务人的债务人或者财产持有人应当向管理人清偿债务或交付财产。第一次债权人会议将于债权申报期限届满后召开，依法申报债权的债权人有权参加债权人会议。参加会议的债权人系法人或其他组织的，应提交营业执照、法定代表人身份证明书，如委托代理人出席会议，应提交特别授权委托书、委托代理人的身份证件或律师执业证。

湖南省长沙市中级人民法院

本院依法受理了债权人对债务人的破产清算申请，并指定管理人。债务人的债权人应自公告之日起三十日内向管理人申报债权，书面说明债权数额和有无财产担保，并提供相关证据材料。本院在执行申请执行人与被执行人借款合同纠纷一案中，因被执行人下落不明，依法向其公告送达执行通知书、报告财产令及评估报告，自公告之日起经过六十日即视为送达。未在上述期限内申报债权的，可以在破产财产最后分配前补充申报，但对此前已进行的分配无权要求补充分配，同时要承担为审查和确认补充申报债权所产生的费用。债务人的债务人或者财产持有人应当向管理人清偿债务或交付财产。

福建省厦门市中级人民法院

本院依法受理了债权人对债务人的破产清算申请，并指定管理人。债务人的债权人应自公告之日起三十日内向管理人申报债权，书面说明债权数额和有无财产担保，并提供相关证据材料。第一次债权人会议将于债权申报期限届满后召开，依法申报债权的债权人有权参加债权人会议。参加会议的债权人系法人或其他组织的，应提交营业执照、法定代表人身份证明书，如委托代理人出席会议，应提交特别授权委托书、委托代理人的身份证件或律师执业证。本院在执行申请执行人与被执行人借款合同纠纷一案中，因被执行人下落不明，依法向其公告送达执行通知书、报告财产令及评估报告，自公告之日起经过六十日即视为送达。

辽宁省沈阳市中级人民法院

本院依法受理了债权人对债务人的破产清算申请，并指定管理人。债务人的债权人应自公告之日起三十日内向管理人申报债权，书面说明债权数额和有无财产担保，并提供相关证据材料。未在上述期限内申报债权的，可以在破产财产最后分配前补充申报，但对此前已进行的分配无权要求补充分配，同时要承担为审查和确认补充申报债权所产生的费用。债务人的债务人或者财产持有人应当向管理人清偿债务或交付财产。第一次债权人会议将于债权申报期限届满后召开，依法申报债权的债权人有权参加债权人会议。

陕西省西安市中级人民法院

本院依法受理了债权人对债务人的破产清算申请，并指定管理人。债务人的债权人应自公告之日起三十日内向管理人申报债权，书面说明债权数额和有无财产担保，并提供相关证据材料。参加会议的债权人系法人或其他组织的，应提交营业执照、法定代表人身份证明书，如委托代理人出席会议，应提交特别授权委托书、委托代理人的身份证件或律师执业证。本院在执行申请执行人与被执行人借款合同纠纷一案中，因被执行人下落不明，依法向其公告送达执行通知书、报告财产令及评估报告，自公告之日起经过六十日即视为送达。未在上述期限内申报债权的，可以在破产财产最后分配前补充申报，但对此前已进行的分配无权要求补充分配，同时要承担为审查和确认补充申报债权所产生的费用。

安徽省合肥市中级人民法院

本院依法受理了债权人对债务人的破产清算申请，并指定管理人。债务人的债权人应自公告之日起三十日内向管理人申报债权，书面说明债权数额和有无财产担保，并提供相关证据材料。债务人的债务人或者财产持有人应当向管理人清偿债务或交付财产。第一次债权人会议将于债权申报期限届满后召开，依法申报债权的债权人有权参加债权人会议。参加会议的债权人系法人或其他组织的，应提交营业执照、法定代表人身份证明书，如委托代理人出席会议，应提交特别授权委托书、委托代理人的身份证件或律师执业证。

北京市朝阳区人民法院

人民法院公告

本院受理原告诉被告离婚纠纷一案，现依法向你公告送达起诉状副本、应诉通知书、举证通知书、合议庭组成人员通知书及开庭传票。自公告之日起经过三十日即视为送达。提出答辩状的期限和举证的期限分别为公告期满后的十五日和三十日内。并定于举证期满后的第三日上午九时在本院第三法庭开庭审理，逾期将依法缺席裁判。

广西壮族自治区南宁市中级人民法院

本院受理原告诉被告离婚纠纷一案，现依法向你公告送达起诉状副本、应诉通知书、举证通知书、合议庭组成人员通知书及开庭传票。本院受理申请人申请宣告公民失踪一案，经查下落不明人于多年前离家出走，至今下落不明。现发出寻找失踪人的公告，希望下落不明人本人及知其下落的有关人员见报后与本院联系。公告期间为三个月，公告期满仍不能确定其下落的，本院将依法判决宣告其失踪。

江西省南昌市中级人民法院

本院受理原告诉被告离婚纠纷一案，现依法向你公告送达起诉状副本、应诉通知书、举证通知书、合议庭组成人员通知书及开庭传票。本院受理申请人申请认定财产无主一案，现发出财产认领公告，该财产的所有人或者继承人应自公告之日起一年内向本院申请认领。自公告之日起经过三十日即视为送达。提出答辩状的期限和举证的期限分别为公告期满后的十五日和三十日内。

云南省昆明市中级人民法院

本院受理原告诉被告离婚纠纷一案，现依法向你公告送达起诉状副本、应诉通知书、举证通知书、合议庭组成人员通知书及开庭传票。并定于举证期满后的第三日上午九时在本院第三法庭开庭审理，逾期将依法缺席裁判。本院受理申请人申请宣告公民失踪一案，经查下落不明人于多年前离家出走，至今下落不明。现发出寻找失踪人的公告，希望下落不明人本人及知其下落的有关人员见报后与本院联系。

黑龙江省哈尔滨市中级人民法院

本院受理原告诉被告离婚纠纷一案，现依法向你公告送达起诉状副本、应诉通知书、举证通知书、合议庭组成人员通知书及开庭传票。公告期间为三个月，公告期满仍不能确定其下落的，本院将依法判决宣告其失踪。本院受理申请人申请认定财产无主一案，现发出财产认领公告，该财产的所有人或者继承人应自公告之日起一年内向本院申请认领。自公告之日起经过三十日即视为送达。

河北省石家庄市中级人民法院

本院受理原告诉被告离婚纠纷一案，现依法向你公告送达起诉状副本、应诉通知书、举证通知书、合议庭组成人员通知书及开庭传票。提出答辩状的期限和举证的期限分别为公告期满后的十五日和三十日内。并定于举证期满后的第三日上午九时在本院第三法庭开庭审理，逾期将依法缺席裁判。本院受理申请人申请宣告公民失踪一案，经查下落不明人于多年前离家出走，至今下落不明。

山西省太原市中级人民法院

本院受理原告诉被告离婚纠纷一案，现依法向你公告送达起诉状副本、应诉通知书、举证通知书、合议庭组成人员通知书及开庭传票。现发出寻找失踪人的公告，希望下落不明人本人及知其下落的有关人员见报后与本院联系。公告期间为三个月，公告期满仍不能确定其下落的，本院将依法判决宣告其失踪。本院受理申请人申请认定财产无主一案，现发出财产认领公告，该财产的所有人或者继承人应自公告之日起一年内向本院申请认领。

贵州省贵阳市中级人民法院

本院受理原告诉被告离婚纠纷一案，现依法向你公告送达起诉状副本、应诉通知书、举证通知书、合议庭组成人员通知书及开庭传票。自公告之日起经过三十日即视为送达。提出答辩状的期限和举证的期限分别为公告期满后的十五日和三十日内。并定于举证期满后的第三日上午九时在本院第三法庭开庭审理，逾期将依法缺席裁判。

重庆市第五中级人民法院

本院受理原告诉被告离婚纠纷一案，现依法向你公告送达起诉状副本、应诉通知书、举证通知书、合议庭组成人员通知书及开庭传票。本院受理申请人申请宣告公民失踪一案，经查下落不明人于多年前离家出走，至今下落不明。现发出寻找失踪人的公告，希望下落不明人本人及知其下落的有关人员见报后与本院联系。公告期间为三个月，公告期满仍不能确定其下落的，本院将依法判决宣告其失踪。

广西壮族自治区南宁市中级人民法院

本院受理原告诉被告离婚纠纷一案，现依法向你公告送达起诉状副本、应诉通知书、举证通知书、合议庭组成人员通知书及开庭传票。本院受理申请人申请认定财产无主一案，现发出财产认领公告，该财产的所有人或者继承人应自公告之日起一年内向本院申请认领。自公告之日起经过三十日即视为送达。提出答辩状的期限和举证的期限分别为公告期满后的十五日和三十日内。

江西省南昌市中级人民法院

本院受理原告诉被告离婚纠纷一案，现依法向你公告送达起诉状副本、应诉通知书、举证通知书、合议庭组成人员通知书及开庭传票。并定于举证期满后的第三日上午九时在本院第三法庭开庭审理，逾期将依法缺席裁判。本院受理申请人申请宣告公民失踪一案，经查下落不明人于多年前离家出走，至今下落不明。现发出寻找失踪人的公告，希望下落不明人本人及知其下落的有关人员见报后与本院联系。

云南省昆明市中级人民法院

本院受理原告诉被告离婚纠纷一案，现依法向你公告送达起诉状副本、应诉通知书、举证通知书、合议庭组成人员通知书及开庭传票。公告期间为三个月，公告期满仍不能确定其下落的，本院将依法判决宣告其失踪。本院受理申请人申请认定财产无主一案，现发出财产认领公告，该财产的所有人或者继承人应自公告之日起一年内向本院申请认领。自公告之日起经过三十日即视为送达。

黑龙江省哈尔滨市中级人民法院

本院受理原告诉被告离婚纠纷一案，现依法向你公告送达起诉状副本、应诉通知书、举证通知书、合议庭组成人员通知书及开庭传票。提出答辩状的期限和举证的期限分别为公告期满后的十五日和三十日内。并定于举证期满后的第三日上午九时在本院第三法庭开庭审理，逾期将依法缺席裁判。本院受理申请人申请宣告公民失踪一案，经查下落不明人于多年前离家出走，至今下落不明。

河北省石家庄市中级人民法院

本院受理原告诉被告离婚纠纷一案，现依法向你公告送达起诉状副本、应诉通知书、举证通知书、合议庭组成人员通知书及开庭传票。现发出寻找失踪人的公告，希望下落不明人本人及知其下落的有关人员见报后与本院联系。公告期间为三个月，公告期满仍不能确定其下落的，本院将依法判决宣告其失踪。本院受理申请人申请认定财产无主一案，现发出财产认领公告，该财产的所有人或者继承人应自公告之日起一年内向本院申请认领。

山西省太原市中级人民法院

本院受理原告诉被告离婚纠纷一案，现依法向你公告送达起诉状副本、应诉通知书、举证通知书、合议庭组成人员通知书及开庭传票。自公告之日起经过三十日即视为送达。提出答辩状的期限和举证的期限分别为公告期满后的十五日和三十日内。并定于举证期满后的第三日上午九时在本院第三法庭开庭审理，逾期将依法缺席裁判。

贵州省贵阳市中级人民法院

本院受理原告诉被告离婚纠纷一案，现依法向你公告送达起诉状副本、应诉通知书、举证通知书、合议庭组成人员通知书及开庭传票。本院受理申请人申请宣告公民失踪一案，经查下落不明人于多年前离家出走，至今下落不明。现发出寻找失踪人的公告，希望下落不明人本人及知其下落的有关人员见报后与本院联系。公告期间为三个月，公告期满仍不能确定其下落的，本院将依法判决宣告其失踪。

重庆市第五中级人民法院

本院受理原告诉被告离婚纠纷一案，现依法向你公告送达起诉状副本、应诉通知书、举证通知书、合议庭组成人员通知书及开庭传票。本院受理申请人申请认定财产无主一案，现发出财产认领公告，该财产的所有人或者继承人应自公告之日起一年内向本院申请认领。自公告之日起经过三十日即视为送达。提出答辩状的期限和举证的期限分别为公告期满后的十五日和三十日内。

广西壮族自治区南宁市中级人民法院

本院受理原告诉被告离婚纠纷一案，现依法向你公告送达起诉状副本、应诉通知书、举证通知书、合议庭组成人员通知书及开庭传票。并定于举证期满后的第三日上午九时在本院第三法庭开庭审理，逾期将依法缺席裁判。本院受理申请人申请宣告公民失踪一案，经查下落不明人于多年前离家出走，至今下落不明。现发出寻找失踪人的公告，希望下落不明人本人及知其下落的有关人员见报后与本院联系。

江西省南昌市中级人民法院

本院受理原告诉被告离婚纠纷一案，现依法向你公告送达起诉状副本、应诉通知书、举证通知书、合议庭组成人员通知书及开庭传票。公告期间为三个月，公告期满仍不能确定其下落的，本院将依法判决宣告其失踪。本院受理申请人申请认定财产无主一案，现发出财产认领公告，该财产的所有人或者继承人应自公告之日起一年内向本院申请认领。自公告之日起经过三十日即视为送达。

云南省昆明市中级人民法院

本院受理原告诉被告离婚纠纷一案，现依法向你公告送达起诉状副本、应诉通知书、举证通知书、合议庭组成人员通知书及开庭传票。提出答辩状的期限和举证的期限分别为公告期满后的十五日和三十日内。并定于举证期满后的第三日上午九时在本院第三法庭开庭审理，逾期将依法缺席裁判。本院受理申请人申请宣告公民失踪一案，经查下落不明人于多年前离家出走，至今下落不明。

黑龙江省哈尔滨市中级人民法院

本院受理原告诉被告离婚纠纷一案，现依法向你公告送达起诉状副本、应诉通知书、举证通知书、合议庭组成人员通知书及开庭传票。现发出寻找失踪人的公告，希望下落不明人本人及知其下落的有关人员见报后与本院联系。公告期间为三个月，公告期满仍不能确定其下落的，本院将依法判决宣告其失踪。本院受理申请人申请认定财产无主一案，现发出财产认领公告，该财产的所有人或者继承人应自公告之日起一年内向本院申请认领。

河北省石家庄市中级人民法院

本院受理原告诉被告离婚纠纷一案，现依法向你公告送达起诉状副本、应诉通知书、举证通知书、合议庭组成人员通知书及开庭传票。自公告之日起经过三十日即视为送达。提出答辩状的期限和举证的期限分别为公告期满后的十五日和三十日内。并定于举证期满后的第三日上午九时在本院第三法庭开庭审理，逾期将依法缺席裁判。

山西省太原市中级人民法院

本院受理原告诉被告离婚纠纷一案，现依法向你公告送达起诉状副本、应诉通知书、举证通知书、合议庭组成人员通知书及开庭传票。本院受理申请人申请宣告公民失踪一案，经查下落不明人于多年前离家出走，至今下落不明。现发出寻找失踪人的公告，希望下落不明人本人及知其下落的有关人员见报后与本院联系。公告期间为三个月，公告期满仍不能确定其下落的，本院将依法判决宣告其失踪。

贵州省贵阳市中级人民法院

本院受理原告诉被告离婚纠纷一案，现依法向你公告送达起诉状副本、应诉通知书、举证通知书、合议庭组成人员通知书及开庭传票。本院受理申请人申请认定财产无主一案，现发出财产认领公告，该财产的所有人或者继承人应自公告之日起一年内向本院申请认领。自公告之日起经过三十日即视为送达。提出答辩状的期限和举证的期限分别为公告期满后的十五日和三十日内。

重庆市第五中级人民法院

本院受理原告诉被告离婚纠纷一案，现依法向你公告送达起诉状副本、应诉通知书、举证通知书、合议庭组成人员通知书及开庭传票。并定于举证期满后的第三日上午九时在本院第三法庭开庭审理，逾期将依法缺席裁判。本院受理申请人申请宣告公民失踪一案，经查下落不明人于多年前离家出走，至今下落不明。现发出寻找失踪人的公告，希望下落不明人本人及知其下落的有关人员见报后与本院联系。

广西壮族自治区南宁市中级人民法院

本院受理原告诉被告离婚纠纷一案，现依法向你公告送达起诉状副本、应诉通知书、举证通知书、合议庭组成人员通知书及开庭传票。公告期间为三个月，公告期满仍不能确定其下落的，本院将依法判决宣告其失踪。本院受理申请人申请认定财产无主一案，现发出财产认领公告，该财产的所有人或者继承人应自公告之日起一年内向本院申请认领。自公告之日起经过三十日即视为送达。

江西省南昌市中级人民法院

本院受理原告诉被告离婚纠纷一案，现依法向你公告送达起诉状副本、应诉通知书、举证通知书、合议庭组成人员通知书及开庭传票。提出答辩状的期限和举证的期限分别为公告期满后的十五日和三十日内。并定于举证期满后的第三日上午九时在本院第三法庭开庭审理，逾期将依法缺席裁判。本院受理申请人申请宣告公民失踪一案，经查下落不明人于多年前离家出走，至今下落不明。

云南省昆明市中级人民法院

本院受理原告诉被告离婚纠纷一案，现依法向你公告送达起诉状副本、应诉通知书、举证通知书、合议庭组成人员通知书及开庭传票。现发出寻找失踪人的公告，希望下落不明人本人及知其下落的有关人员见报后与本院联系。公告期间为三个月，公告期满仍不能确定其下落的，本院将依法判决宣告其失踪。本院受理申请人申请认定财产无主一案，现发出财产认领公告，该财产的所有人或者继承人应自公告之日起一年内向本院申请认领。

黑龙江省哈尔滨市中级人民法院

本院受理原告诉被告离婚纠纷一案，现依法向你公告送达起诉状副本、应诉通知书、举证通知书、合议庭组成人员通知书及开庭传票。自公告之日起经过三十日即视为送达。提出答辩状的期限和举证的期限分别为公告期满后的十五日和三十日内。并定于举证期满后的第三日上午九时在本院第三法庭开庭审理，逾期将依法缺席裁判。

河北省石家庄市中级人民法院

本院受理原告诉被告离婚纠纷一案，现依法向你公告送达起诉状副本、应诉通知书、举证通知书、合议庭组成人员通知书及开庭传票。本院受理申请人申请宣告公民失踪一案，经查下落不明人于多年前离家出走，至今下落不明。现发出寻找失踪人的公告，希望下落不明人本人及知其下落的有关人员见报后与本院联系。公告期间为三个月，公告期满仍不能确定其下落的，本院将依法判决宣告其失踪。

山西省太原市中级人民法院

本院受理原告诉被告离婚纠纷一案，现依法向你公告送达起诉状副本、应诉通知书、举证通知书、合议庭组成人员通知书及开庭传票。本院受理申请人申请认定财产无主一案，现发出财产认领公告，该财产的所有人或者继承人应自公告之日起一年内向本院申请认领。自公告之日起经过三十日即视为送达。提出答辩状的期限和举证的期限分别为公告期满后的十五日和三十日内。

贵州省贵阳市中级人民法院

本院受理原告诉被告离婚纠纷一案，现依法向你公告送达起诉状副本、应诉通知书、举证通知书、合议庭组成人员通知书及开庭传票。并定于举证期满后的第三日上午九时在本院第三法庭开庭审理，逾期将依法缺席裁判。本院受理申请人申请宣告公民失踪一案，经查下落不明人于多年前离家出走，至今下落不明。现发出寻找失踪人的公告，希望下落不明人本人及知其下落的有关人员见报后与本院联系。

重庆市第五中级人民法院

本院受理原告诉被告离婚纠纷一案，现依法向你公告送达起诉状副本、应诉通知书、举证通知书、合议庭组成人员通知书及开庭传票。公告期间为三个月，公告期满仍不能确定其下落的，本院将依法判决宣告其失踪。本院受理申请人申请认定财产无主一案，现发出财产认领公告，该财产的所有人或者继承人应自公告之日起一年内向本院申请认领。自公告之日起经过三十日即视为送达。

广西壮族自治区南宁市中级人民法院

本院受理原告诉被告离婚纠纷一案，现依法向你公告送达起诉状副本、应诉通知书、举证通知书、合议庭组成人员通知书及开庭传票。提出答辩状的期限和举证的期限分别为公告期满后的十五日和三十日内。并定于举证期满后的第三日上午九时在本院第三法庭开庭审理，逾期将依法缺席裁判。本院受理申请人申请宣告公民失踪一案，经查下落不明人于多年前离家出走，至今下落不明。

江西省南昌市中级人民法院

本院受理原告诉被告离婚纠纷一案，现依法向你公告送达起诉状副本、应诉通知书、举证通知书、合议庭组成人员通知书及开庭传票。现发出寻找失踪人的公告，希望下落不明人本人及知其下落的有关人员见报后与本院联系。公告期间为三个月，公告期满仍不能确定其下落的，本院将依法判决宣告其失踪。本院受理申请人申请认定财产无主一案，现发出财产认领公告，该财产的所有人或者继承人应自公告之日起一年内向本院申请认领。

云南省昆明市中级人民法院

本院受理原告诉被告离婚纠纷一案，现依法向你公告送达起诉状副本、应诉通知书、举证通知书、合议庭组成人员通知书及开庭传票。自公告之日起经过三十日即视为送达。提出答辩状的期限和举证的期限分别为公告期满后的十五日和三十日内。并定于举证期满后的第三日上午九时在本院第三法庭开庭审理，逾期将依法缺席裁判。

黑龙江省哈尔滨市中级人民法院

本院受理原告诉被告离婚纠纷一案，现依法向你公告送达起诉状副本、应诉通知书、举证通知书、合议庭组成人员通知书及开庭传票。本院受理申请人申请宣告公民失踪一案，经查下落不明人于多年前离家出走，至今下落不明。现发出寻找失踪人的公告，希望下落不明人本人及知其下落的有关人员见报后与本院联系。公告期间为三个月，公告期满仍不能确定其下落的，本院将依法判决宣告其失踪。

河北省石家庄市中级人民法院

本院受理原告诉被告离婚纠纷一案，现依法向你公告送达起诉状副本、应诉通知书、举证通知书、合议庭组成人员通知书及开庭传票。本院受理申请人申请认定财产无主一案，现发出财产认领公告，该财产的所有人或者继承人应自公告之日起一年内向本院申请认领。自公告之日起经过三十日即视为送达。提出答辩状的期限和举证的期限分别为公告期满后的十五日和三十日内。

山西省太原市中级人民法院

本院受理原告诉被告离婚纠纷一案，现依法向你公告送达起诉状副本、应诉通知书、举证通知书、合议庭组成人员通知书及开庭传票。并定于举证期满后的第三日上午九时在本院第三法庭开庭审理，逾期将依法缺席裁判。本院受理申请人申请宣告公民失踪一案，经查下落不明人于多年前离家出走，至今下落不明。现发出寻找失踪人的公告，希望下落不明人本人及知其下落的有关人员见报后与本院联系。

贵州省贵阳市中级人民法院

本院受理原告诉被告离婚纠纷一案，现依法向你公告送达起诉状副本、应诉通知书、举证通知书、合议庭组成人员通知书及开庭传票。公告期间为三个月，公告期满仍不能确定其下落的，本院将依法判决宣告其失踪。本院受理申请人申请认定财产无主一案，现发出财产认领公告，该财产的所有人或者继承人应自公告之日起一年内向本院申请认领。自公告之日起经过三十日即视为送达。

重庆市第五中级人民法院

本院受理原告诉被告离婚纠纷一案，现依法向你公告送达起诉状副本、应诉通知书、举证通知书、合议庭组成人员通知书及开庭传票。提出答辩状的期限和举证的期限分别为公告期满后的十五日和三十日内。并定于举证期满后的第三日上午九时在本院第三法庭开庭审理，逾期将依法缺席裁判。本院受理申请人申请宣告公民失踪一案，经查下落不明人于多年前离家出走，至今下落不明。

广西壮族自治区南宁市中级人民法院

本院受理原告诉被告离婚纠纷一案，现依法向你公告送达起诉状副本、应诉通知书、举证通知书、合议庭组成人员通知书及开庭传票。现发出寻找失踪人的公告，希望下落不明人本人及知其下落的有关人员见报后与本院联系。公告期间为三个月，公告期满仍不能确定其下落的，本院将依法判决宣告其失踪。本院受理申请人申请认定财产无主一案，现发出财产认领公告，该财产的所有人或者继承人应自公告之日起一年内向本院申请认领。

江西省南昌市中级人民法院

本院受理原告诉被告离婚纠纷一案，现依法向你公告送达起诉状副本、应诉通知书、举证通知书、合议庭组成人员通知书及开庭传票。自公告之日起经过三十日即视为送达。提出答辩状的期限和举证的期限分别为公告期满后的十五日和三十日内。并定于举证期满后的第三日上午九时在本院第三法庭开庭审理，逾期将依法缺席裁判。

云南省昆明市中级人民法院

本院受理原告诉被告离婚纠纷一案，现依法向你公告送达起诉状副本、应诉通知书、举证通知书、合议庭组成人员通知书及开庭传票。本院受理申请人申请宣告公民失踪一案，经查下落不明人于多年前离家出走，至今下落不明。现发出寻找失踪人的公告，希望下落不明人本人及知其下落的有关人员见报后与本院联系。公告期间为三个月，公告期满仍不能确定其下落的，本院将依法判决宣告其失踪。

黑龙江省哈尔滨市中级人民法院

本院受理原告诉被告离婚纠纷一案，现依法向你公告送达起诉状副本、应诉通知书、举证通知书、合议庭组成人员通知书及开庭传票。本院受理申请人申请认定财产无主一案，现发出财产认领公告，该财产的所有人或者继承人应自公告之日起一年内向本院申请认领。自公告之日起经过三十日即视为送达。提出答辩状的期限和举证的期限分别为公告期满后的十五日和三十日内。

河北省石家庄市中级人民法院

本院受理原告诉被告离婚纠纷一案，现依法向你公告送达起诉状副本、应诉通知书、举证通知书、合议庭组成人员通知书及开庭传票。并定于举证期满后的第三日上午九时在本院第三法庭开庭审理，逾期将依法缺席裁判。本院受理申请人申请宣告公民失踪一案，经查下落不明人于多年前离家出走，至今下落不明。现发出寻找失踪人的公告，希望下落不明人本人及知其下落的有关人员见报后与本院联系。

山西省太原市中级人民法院

本院受理原告诉被告离婚纠纷一案，现依法向你公告送达起诉状副本、应诉通知书、举证通知书、合议庭组成人员通知书及开庭传票。公告期间为三个月，公告期满仍不能确定其下落的，本院将依法判决宣告其失踪。本院受理申请人申请认定财产无主一案，现发出财产认领公告，该财产的所有人或者继承人应自公告之日起一年内向本院申请认领。自公告之日起经过三十日即视为送达。

贵州省贵阳市中级人民法院

本院受理原告诉被告离婚纠纷一案，现依法向你公告送达起诉状副本、应诉通知书、举证通知书、合议庭组成人员通知书及开庭传票。提出答辩状的期限和举证的期限分别为公告期满后的十五日和三十日内。并定于举证期满后的第三日上午九时在本院第三法庭开庭审理，逾期将依法缺席裁判。本院受理申请人申请宣告公民失踪一案，经查下落不明人于多年前离家出走，至今下落不明。

重庆市第五中级人民法院

本院受理原告诉被告离婚纠纷一案，现依法向你公告送达起诉状副本、应诉通知书、举证通知书、合议庭组成人员通知书及开庭传票。现发出寻找失踪人的公告，希望下落不明人本人及知其下落的有关人员见报后与本院联系。公告期间为三个月，公告期满仍不能确定其下落的，本院将依法判决宣告其失踪。本院受理申请人申请认定财产无主一案，现发出财产认领公告，该财产的所有人或者继承人应自公告之日起一年内向本院申请认领。

广西壮族自治区南宁市中级人民法院

本院受理原告诉被告离婚纠纷一案，现依法向你公告送达起诉状副本、应诉通知书、举证通知书、合议庭组成人员通知书及开庭传票。自公告之日起经过三十日即视为送达。提出答辩状的期限和举证的期限分别为公告期满后的十五日和三十日内。并定于举证期满后的第三日上午九时在本院第三法庭开庭审理，逾期将依法缺席裁判。

江西省南昌市中级人民法院

本院受理原告诉被告离婚纠纷一案，现依法向你公告送达起诉状副本、应诉通知书、举证通知书、合议庭组成人员通知书及开庭传票。本院受理申请人申请宣告公民失踪一案，经查下落不明人于多年前离家出走，至今下落不明。现发出寻找失踪人的公告，希望下落不明人本人及知其下落的有关人员见报后与本院联系。公告期间为三个月，公告期满仍不能确定其下落的，本院将依法判决宣告其失踪。

云南省昆明市中级人民法院

本院受理原告诉被告离婚纠纷一案，现依法向你公告送达起诉状副本、应诉通知书、举证通知书、合议庭组成人员通知书及开庭传票。本院受理申请人申请认定财产无主一案，现发出财产认领公告，该财产的所有人或者继承人应自公告之日起一年内向本院申请认领。自公告之日起经过三十日即视为送达。提出答辩状的期限和举证的期限分别为公告期满后的十五日和三十日内。

黑龙江省哈尔滨市中级人民法院

公告专栏

遗失声明

北京某某科技有限公司遗失营业执照正副本，统一社会信用代码：91110105MA01XXXX，声明作废。北京某某商贸有限公司经股东会决议，拟向公司登记机关申请注销登记，清算组已经成立，请债权人自本公告发布之日起四十五日内向清算组申报债权。清算组负责人：张某，联系电话：010-8XXXXXXX。

北京某某文化传媒有限公司经股东决定，公司注册资本由五百万元减少至一百万元，请债权人自公告之日起四十五日内向本公司提出清偿债务或者提供相应担保的请求。特此公告。

天津某某物流有限公司遗失公章一枚，声明作废。上海某某贸易有限公司遗失发票专用章一枚，声明作废。

北京某某餐饮管理有限公司经股东会决议，决定解散本公司，请债权人于见报之日起四十五日内到本公司清算组申报债权。特此公告。

河北某某建筑工程有限公司遗失开户许可证，核准号：J1000XXXXXXX，声明作废。北京某某咨询服务有限公司股东会决议减少注册资本，由一千万元减至二百万元，请债权人于见报之日起四十五日内向公司提出清偿债务或提供担保的要求。

北京某某商贸有限公司经股东会决议，拟向公司登记机关申请注销登记，清算组已经成立，请债权人自本公告发布之日起四十五日内向清算组申报债权。清算组负责人：张某，联系电话：010-8XXXXXXX。

北京某某文化传媒有限公司经股东决定，公司注册资本由五百万元减少至一百万元，请债权人自公告之日起四十五日内向本公司提出清偿债务或者提供相应担保的请求。特此公告。

天津某某物流有限公司遗失公章一枚，声明作废。上海某某贸易有限公司遗失发票专用章一枚，声明作废。

北京某某餐饮管理有限公司经股东会决议，决定解散本公司，请债权人于见报之日起四十五日内到本公司清算组申报债权。特此公告。

河北某某建筑工程有限公司遗失开户许可证，核准号：J1000XXXXXXX，声明作废。北京某某咨询服务有限公司股东会决议减少注册资本，由一千万元减至二百万元，请债权人于见报之日起四十五日内向公司提出清偿债务或提供担保的要求。

北京某某商贸有限公司经股东会决议，拟向公司登记机关申请注销登记，清算组已经成立，请债权人自本公告发布之日起四十五日内向清算组申报债权。清算组负责人：张某，联系电话：010-8XXXXXXX。

北京某某文化传媒有限公司经股东决定，公司注册资本由五百万元减少至一百万元，请债权人自公告之日起四十五日内向本公司提出清偿债务或者提供相应担保的请求。特此公告。

天津某某物流有限公司遗失公章一枚，声明作废。上海某某贸易有限公司遗失发票专用章一枚，声明作废。

北京某某餐饮管理有限公司经股东会决议，决定解散本公司，请债权人于见报之日起四十五日内到本公司清算组申报债权。特此公告。

河北某某建筑工程有限公司遗失开户许可证，核准号：J1000XXXXXXX，声明作废。北京某某咨询服务有限公司股东会决议减少注册资本，由一千万元减至二百万元，请债权人于见报之日起四十五日内向公司提出清偿债务或提供担保的要求。

北京某某商贸有限公司经股东会决议，拟向公司登记机关申请注销登记，清算组已经成立，请债权人自本公告发布之日起四十五日内向清算组申报债权。清算组负责人：张某，联系电话：010-8XXXXXXX。

北京某某文化传媒有限公司经股东决定，公司注册资本由五百万元减少至一百万元，请债权人自公告之日起四十五日内向本公司提出清偿债务或者提供相应担保的请求。特此公告。

天津某某物流有限公司遗失公章一枚，声明作废。上海某某贸易有限公司遗失发票专用章一枚，声明作废。

北京某某餐饮管理有限公司经股东会决议，决定解散本公司，请债权人于见报之日起四十五日内到本公司清算组申报债权。特此公告。

河北某某建筑工程有限公司遗失开户许可证，核准号：J1000XXXXXXX，声明作废。北京某某咨询服务有限公司股东会决议减少注册资本，由一千万元减至二百万元，请债权人于见报之日起四十五日内向公司提出清偿债务或提供担保的要求。

北京某某商贸有限公司经股东会决议，拟向公司登记机关申请注销登记，清算组已经成立，请债权人自本公告发布之日起四十五日内向清算组申报债权。清算组负责人：张某，联系电话：010-8XXXXXXX。

北京某某文化传媒有限公司经股东决定，公司注册资本由五百万元减少至一百万元，请债权人自公告之日起四十五日内向本公司提出清偿债务或者提供相应担保的请求。特此公告。

天津某某物流有限公司遗失公章一枚，声明作废。上海某某贸易有限公司遗失发票专用章一枚，声明作废。

北京某某餐饮管理有限公司经股东会决议，决定解散本公司，请债权人于见报之日起四十五日内到本公司清算组申报债权。特此公告。

河北某某建筑工程有限公司遗失开户许可证，核准号：J1000XXXXXXX，声明作废。北京某某咨询服务有限公司股东会决议减少注册资本，由一千万元减至二百万元，请债权人于见报之日起四十五日内向公司提出清偿债务或提供担保的要求。

北京某某商贸有限公司经股东会决议，拟向公司登记机关申请注销登记，清算组已经成立，请债权人自本公告发布之日起四十五日内向清算组申报债权。清算组负责人：张某，联系电话：010-8XXXXXXX。

北京某某文化传媒有限公司经股东决定，公司注册资本由五百万元减少至一百万元，请债权人自公告之日起四十五日内向本公司提出清偿债务或者提供相应担保的请求。特此公告。

天津某某物流有限公司遗失公章一枚，声明作废。上海某某贸易有限公司遗失发票专用章一枚，声明作废。

北京某某餐饮管理有限公司经股东会决议，决定解散本公司，请债权人于见报之日起四十五日内到本公司清算组申报债权。特此公告。

河北某某建筑工程有限公司遗失开户许可证，核准号：J1000XXXXXXX，声明作废。北京某某咨询服务有限公司股东会决议减少注册资本，由一千万元减至二百万元，请债权人于见报之日起四十五日内向公司提出清偿债务或提供担保的要求。

北京某某商贸有限公司经股东会决议，拟向公司登记机关申请注销登记，清算组已经成立，请债权人自本公告发布之日起四十五日内向清算组申报债权。清算组负责人：张某，联系电话：010-8XXXXXXX。

北京某某文化传媒有限公司经股东决定，公司注册资本由五百万元减少至一百万元，请债权人自公告之日起四十五日内向本公司提出清偿债务或者提供相应担保的请求。特此公告。

天津某某物流有限公司遗失公章一枚，声明作废。上海某某贸易有限公司遗失发票专用章一枚，声明作废。

北京某某餐饮管理有限公司经股东会决议，决定解散本公司，请债权人于见报之日起四十五日内到本公司清算组申报债权。特此公告。

河北某某建筑工程有限公司遗失开户许可证，核准号：J1000XXXXXXX，声明作废。北京某某咨询服务有限公司股东会决议减少注册资本，由一千万元减至二百万元，请债权人于见报之日起四十五日内向公司提出清偿债务或提供担保的要求。

北京某某商贸有限公司经股东会决议，拟向公司登记机关申请注销登记，清算组已经成立，请债权人自本公告发布之日起四十五日内向清算组申报债权。清算组负责人：张某，联系电话：010-8XXXXXXX。

北京某某文化传媒有限公司经股东决定，公司注册资本由五百万元减少至一百万元，请债权人自公告之日起四十五日内向本公司提出清偿债务或者提供相应担保的请求。特此公告。

天津某某物流有限公司遗失公章一枚，声明作废。上海某某贸易有限公司遗失发票专用章一枚，声明作废。

北京某某餐饮管理有限公司经股东会决议，决定解散本公司，请债权人于见报之日起四十五日内到本公司清算组申报债权。特此公告。

河北某某建筑工程有限公司遗失开户许可证，核准号：J1000XXXXXXX，声明作废。北京某某咨询服务有限公司股东会决议减少注册资本，由一千万元减至二百万元，请债权人于见报之日起四十五日内向公司提出清偿债务或提供担保的要求。

北京某某商贸有限公司经股东会决议，拟向公司登记机关申请注销登记，清算组已经成立，请债权人自本公告发布之日起四十五日内向清算组申报债权。清算组负责人：张某，联系电话：010-8XXXXXXX。

北京某某文化传媒有限公司经股东决定，公司注册资本由五百万元减少至一百万元，请债权人自公告之日起四十五日内向本公司提出清偿债务或者提供相应担保的请求。特此公告。

天津某某物流有限公司遗失公章一枚，声明作废。上海某某贸易有限公司遗失发票专用章一枚，声明作废。

北京某某餐饮管理有限公司经股东会决议，决定解散本公司，请债权人于见报之日起四十五日内到本公司清算组申报债权。特此公告。

河北某某建筑工程有限公司遗失开户许可证，核准号：J1000XXXXXXX，声明作废。北京某某咨询服务有限公司股东会决议减少注册资本，由一千万元减至二百万元，请债权人于见报之日起四十五日内向公司提出清偿债务或提供担保的要求。

北京某某商贸有限公司经股东会决议，拟向公司登记机关申请注销登记，清算组已经成立，请债权人自本公告发布之日起四十五日内向清算组申报债权。清算组负责人：张某，联系电话：010-8XXXXXXX。

北京某某文化传媒有限公司经股东决定，公司注册资本由五百万元减少至一百万元，请债权人自公告之日起四十五日内向本公司提出清偿债务或者提供相应担保的请求。特此公告。

天津某某物流有限公司遗失公章一枚，声明作废。上海某某贸易有限公司遗失发票专用章一枚，声明作废。

北京某某餐饮管理有限公司经股东会决议，决定解散本公司，请债权人于见报之日起四十五日内到本公司清算组申报债权。特此公告。

河北某某建筑工程有限公司遗失开户许可证，核准号：J1000XXXXXXX，声明作废。北京某某咨询服务有限公司股东会决议减少注册资本，由一千万元减至二百万元，请债权人于见报之日起四十五日内向公司提出清偿债务或提供担保的要求。

北京某某商贸有限公司经股东会决议，拟向公司登记机关申请注销登记，清算组已经成立，请债权人自本公告发布之日起四十五日内向清算组申报债权。清算组负责人：张某，联系电话：010-8XXXXXXX。

北京某某文化传媒有限公司经股东决定，公司注册资本由五百万元减少至一百万元，请债权人自公告之日起四十五日内向本公司提出清偿债务或者提供相应担保的请求。特此公告。

天津某某物流有限公司遗失公章一枚，声明作废。上海某某贸易有限公司遗失发票专用章一枚，声明作废。

北京某某餐饮管理有限公司经股东会决议，决定解散本公司，请债权人于见报之日起四十五日内到本公司清算组申报债权。特此公告。

河北某某建筑工程有限公司遗失开户许可证，核准号：J1000XXXXXXX，声明作废。北京某某咨询服务有限公司股东会决议减少注册资本，由一千万元减至二百万元，请债权人于见报之日起四十五日内向公司提出清偿债务或提供担保的要求。

北京某某商贸有限公司经股东会决议，拟向公司登记机关申请注销登记，清算组已经成立，请债权人自本公告发布之日起四十五日内向清算组申报债权。清算组负责人：张某，联系电话：010-8XXXXXXX。

北京某某文化传媒有限公司经股东决定，公司注册资本由五百万元减少至一百万元，请债权人自公告之日起四十五日内向本公司提出清偿债务或者提供相应担保的请求。特此公告。

天津某某物流有限公司遗失公章一枚，声明作废。上海某某贸易有限公司遗失发票专用章一枚，声明作废。

北京某某餐饮管理有限公司经股东会决议，决定解散本公司，请债权人于见报之日起四十五日内到本公司清算组申报债权。特此公告。

河北某某建筑工程有限公司遗失开户许可证，核准号：J1000XXXXXXX，声明作废。北京某某咨询服务有限公司股东会决议减少注册资本，由一千万元减至二百万元，请债权人于见报之日起四十五日内向公司提出清偿债务或提供担保的要求。

北京某某商贸有限公司经股东会决议，拟向公司登记机关申请注销登记，清算组已经成立，请债权人自本公告发布之日起四十五日内向清算组申报债权。清算组负责人：张某，联系电话：010-8XXXXXXX。

北京某某文化传媒有限公司经股东决定，公司注册资本由五百万元减少至一百万元，请债权人自公告之日起四十五日内向本公司提出清偿债务或者提供相应担保的请求。特此公告。

天津某某物流有限公司遗失公章一枚，声明作废。上海某某贸易有限公司遗失发票专用章一枚，声明作废。

北京某某餐饮管理有限公司经股东会决议，决定解散本公司，请债权人于见报之日起四十五日内到本公司清算组申报债权。特此公告。

河北某某建筑工程有限公司遗失开户许可证，核准号：J1000XXXXXXX，声明作废。北京某某咨询服务有限公司股东会决议减少注册资本，由一千万元减至二百万元，请债权人于见报之日起四十五日内向公司提出清偿债务或提供担保的要求。

北京某某商贸有限公司经股东会决议，拟向公司登记机关申请注销登记，清算组已经成立，请债权人自本公告发布之日起四十五日内向清算组申报债权。清算组负责人：张某，联系电话：010-8XXXXXXX。

北京某某文化传媒有限公司经股东决定，公司注册资本由五百万元减少至一百万元，请债权人自公告之日起四十五日内向本公司提出清偿债务或者提供相应担保的请求。特此公告。

天津某某物流有限公司遗失公章一枚，声明作废。上海某某贸易有限公司遗失发票专用章一枚，声明作废。

北京某某餐饮管理有限公司经股东会决议，决定解散本公司，请债权人于见报之日起四十五日内到本公司清算组申报债权。特此公告。

河北某某建筑工程有限公司遗失开户许可证，核准号：J1000XXXXXXX，声明作废。北京某某咨询服务有限公司股东会决议减少注册资本，由一千万元减至二百万元，请债权人于见报之日起四十五日内向公司提出清偿债务或提供担保的要求。

北京某某商贸有限公司经股东会决议，拟向公司登记机关申请注销登记，清算组已经成立，请债权人自本公告发布之日起四十五日内向清算组申报债权。清算组负责人：张某，联系电话：010-8XXXXXXX。

北京某某文化传媒有限公司经股东决定，公司注册资本由五百万元减少至一百万元，请债权人自公告之日起四十五日内向本公司提出清偿债务或者提供相应担保的请求。特此公告。

天津某某物流有限公司遗失公章一枚，声明作废。上海某某贸易有限公司遗失发票专用章一枚，声明作废。

北京某某餐饮管理有限公司经股东会决议，决定解散本公司，请债权人于见报之日起四十五日内到本公司清算组申报债权。特此公告。

河北某某建筑工程有限公司遗失开户许可证，核准号：J1000XXXXXXX，声明作废。北京某某咨询服务有限公司股东会决议减少注册资本，由一千万元减至二百万元，请债权人于见报之日起四十五日内向公司提出清偿债务或提供担保的要求。

北京某某商贸有限公司经股东会决议，拟向公司登记机关申请注销登记，清算组已经成立，请债权人自本公告发布之日起四十五日内向清算组申报债权。清算组负责人：张某，联系电话：010-8XXXXXXX。

北京某某文化传媒有限公司经股东决定，公司注册资本由五百万元减少至一百万元，请债权人自公告之日起四十五日内向本公司提出清偿债务或者提供相应担保的请求。特此公告。

天津某某物流有限公司遗失公章一枚，声明作废。上海某某贸易有限公司遗失发票专用章一枚，声明作废。

北京某某餐饮管理有限公司经股东会决议，决定解散本公司，请债权人于见报之日起四十五日内到本公司清算组申报债权。特此公告。

河北某某建筑工程有限公司遗失开户许可证，核准号：J1000XXXXXXX，声明作废。北京某某咨询服务有限公司股东会决议减少注册资本，由一千万元减至二百万元，请债权人于见报之日起四十五日内向公司提出清偿债务或提供担保的要求。

北京某某商贸有限公司经股东会决议，拟向公司登记机关申请注销登记，清算组已经成立，请债权人自本公告发布之日起四十五日内向清算组申报债权。清算组负责人：张某，联系电话：010-8XXXXXXX。

北京某某文化传媒有限公司经股东决定，公司注册资本由五百万元减少至一百万元，请债权人自公告之日起四十五日内向本公司提出清偿债务或者提供相应担保的请求。特此公告。

天津某某物流有限公司遗失公章一枚，声明作废。上海某某贸易有限公司遗失发票专用章一枚，声明作废。

北京某某餐饮管理有限公司经股东会决议，决定解散本公司，请债权人于见报之日起四十五日内到本公司清算组申报债权。特此公告。

河北某某建筑工程有限公司遗失开户许可证，核准号：J1000XXXXXXX，声明作废。北京某某咨询服务有限公司股东会决议减少注册资本，由一千万元减至二百万元，请债权人于见报之日起四十五日内向公司提出清偿债务或提供担保的要求。

北京某某商贸有限公司经股东会决议，拟向公司登记机关申请注销登记，清算组已经成立，请债权人自本公告发布之日起四十五日内向清算组申报债权。清算组负责人：张某，联系电话：010-8XXXXXXX。

北京某某文化传媒有限公司经股东决定，公司注册资本由五百万元减少至一百万元，请债权人自公告之日起四十五日内向本公司提出清偿债务或者提供相应担保的请求。特此公告。

天津某某物流有限公司遗失公章一枚，声明作废。上海某某贸易有限公司遗失发票专用章一枚，声明作废。

北京某某餐饮管理有限公司经股东会决议，决定解散本公司，请债权人于见报之日起四十五日内到本公司清算组申报债权。特此公告。

河北某某建筑工程有限公司遗失开户许可证，核准号：J1000XXXXXXX，声明作废。北京某某咨询服务有限公司股东会决议减少注册资本，由一千万元减至二百万元，请债权人于见报之日起四十五日内向公司提出清偿债务或提供担保的要求。

北京某某商贸有限公司经股东会决议，拟向公司登记机关申请注销登记，清算组已经成立，请债权人自本公告发布之日起四十五日内向清算组申报债权。清算组负责人：张某，联系电话：010-8XXXXXXX。

北京某某文化传媒有限公司经股东决定，公司注册资本由五百万元减少至一百万元，请债权人自公告之日起四十五日内向本公司提出清偿债务或者提供相应担保的请求。特此公告。

天津某某物流有限公司遗失公章一枚，声明作废。上海某某贸易有限公司遗失发票专用章一枚，声明作废。

北京某某餐饮管理有限公司经股东会决议，决定解散本公司，请债权人于见报之日起四十五日内到本公司清算组申报债权。特此公告。

河北某某建筑工程有限公司遗失开户许可证，核准号：J1000XXXXXXX，声明作废。北京某某咨询服务有限公司股东会决议减少注册资本，由一千万元减至二百万元，请债权人于见报之日起四十五日内向公司提出清偿债务或提供担保的要求。

北京某某商贸有限公司经股东会决议，拟向公司登记机关申请注销登记，清算组已经成立，请债权人自本公告发布之日起四十五日内向清算组申报债权。清算组负责人：张某，联系电话：010-8XXXXXXX。

北京某某文化传媒有限公司经股东决定，公司注册资本由五百万元减少至一百万元，请债权人自公告之日起四十五日内向本公司提出清偿债务或者提供相应担保的请求。特此公告。

天津某某物流有限公司遗失公章一枚，声明作废。上海某某贸易有限公司遗失发票专用章一枚，声明作废。

北京某某餐饮管理有限公司经股东会决议，决定解散本公司，请债权人于见报之日起四十五日内到本公司清算组申报债权。特此公告。

河北某某建筑工程有限公司遗失开户许可证，核准号：J1000XXXXXXX，声明作废。北京某某咨询服务有限公司股东会决议减少注册资本，由一千万元减至二百万元，请债权人于见报之日起四十五日内向公司提出清偿债务或提供担保的要求。

北京某某商贸有限公司经股东会决议，拟向公司登记机关申请注销登记，清算组已经成立，请债权人自本公告发布之日起四十五日内向清算组申报债权。清算组负责人：张某，联系电话：010-8XXXXXXX。

北京某某文化传媒有限公司经股东决定，公司注册资本由五百万元减少至一百万元，请债权人自公告之日起四十五日内向本公司提出清偿债务或者提供相应担保的请求。特此公告。

天津某某物流有限公司遗失公章一枚，声明作废。上海某某贸易有限公司遗失发票专用章一枚，声明作废。

北京某某餐饮管理有限公司经股东会决议，决定解散本公司，请债权人于见报之日起四十五日内到本公司清算组申报债权。特此公告。

河北某某建筑工程有限公司遗失开户许可证，核准号：J1000XXXXXXX，声明作废。北京某某咨询服务有限公司股东会决议减少注册资本，由一千万元减至二百万元，请债权人于见报之日起四十五日内向公司提出清偿债务或提供担保的要求。

北京某某商贸有限公司经股东会决议，拟向公司登记机关申请注销登记，清算组已经成立，请债权人自本公告发布之日起四十五日内向清算组申报债权。清算组负责人：张某，联系电话：010-8XXXXXXX。

北京某某文化传媒有限公司经股东决定，公司注册资本由五百万元减少至一百万元，请债权人自公告之日起四十五日内向本公司提出清偿债务或者提供相应担保的请求。特此公告。

天津某某物流有限公司遗失公章一枚，声明作废。上海某某贸易有限公司遗失发票专用章一枚，声明作废。

北京某某餐饮管理有限公司经股东会决议，决定解散本公司，请债权人于见报之日起四十五日内到本公司清算组申报债权。特此公告。

河北某某建筑工程有限公司遗失开户许可证，核准号：J1000XXXXXXX，声明作废。北京某某咨询服务有限公司股东会决议减少注册资本，由一千万元减至二百万元，请债权人于见报之日起四十五日内向公司提出清偿债务或提供担保的要求。

北京某某商贸有限公司经股东会决议，拟向公司登记机关申请注销登记，清算组已经成立，请债权人自本公告发布之日起四十五日内向清算组申报债权。清算组负责人：张某，联系电话：010-8XXXXXXX。

北京某某文化传媒有限公司经股东决定，公司注册资本由五百万元减少至一百万元，请债权人自公告之日起四十五日内向本公司提出清偿债务或者提供相应担保的请求。特此公告。

天津某某物流有限公司遗失公章一枚，声明作废。上海某某贸易有限公司遗失发票专用章一枚，声明作废。

北京某某餐饮管理有限公司经股东会决议，决定解散本公司，请债权人于见报之日起四十五日内到本公司清算组申报债权。特此公告。

河北某某建筑工程有限公司遗失开户许可证，核准号：J1000XXXXXXX，声明作废。北京某某咨询服务有限公司股东会决议减少注册资本，由一千万元减至二百万元，请债权人于见报之日起四十五日内向公司提出清偿债务或提供担保的要求。

北京某某商贸有限公司经股东会决议，拟向公司登记机关申请注销登记，清算组已经成立，请债权人自本公告发布之日起四十五日内向清算组申报债权。清算组负责人：张某，联系电话：010-8XXXXXXX。

北京某某文化传媒有限公司经股东决定，公司注册资本由五百万元减少至一百万元，请债权人自公告之日起四十五日内向本公司提出清偿债务或者提供相应担保的请求。特此公告。

天津某某物流有限公司遗失公章一枚，声明作废。上海某某贸易有限公司遗失发票专用章一枚，声明作废。

北京某某餐饮管理有限公司经股东会决议，决定解散本公司，请债权人于见报之日起四十五日内到本公司清算组申报债权。特此公告。

河北某某建筑工程有限公司遗失开户许可证，核准号：J1000XXXXXXX，声明作废。北京某某咨询服务有限公司股东会决议减少注册资本，由一千万元减至二百万元，请债权人于见报之日起四十五日内向公司提出清偿债务或提供担保的要求。

北京某某商贸有限公司经股东会决议，拟向公司登记机关申请注销登记，清算组已经成立，请债权人自本公告发布之日起四十五日内向清算组申报债权。清算组负责人：张某，联系电话：010-8XXXXXXX。

北京某某文化传媒有限公司经股东决定，公司注册资本由五百万元减少至一百万元，请债权人自公告之日起四十五日内向本公司提出清偿债务或者提供相应担保的请求。特此公告。

天津某某物流有限公司遗失公章一枚，声明作废。上海某某贸易有限公司遗失发票专用章一枚，声明作废。

北京某某餐饮管理有限公司经股东会决议，决定解散本公司，请债权人于见报之日起四十五日内到本公司清算组申报债权。特此公告。

河北某某建筑工程有限公司遗失开户许可证，核准号：J1000XXXXXXX，声明作废。北京某某咨询服务有限公司股东会决议减少注册资本，由一千万元减至二百万元，请债权人于见报之日起四十五日内向公司提出清偿债务或提供担保的要求。

北京某某商贸有限公司经股东会决议，拟向公司登记机关申请注销登记，清算组已经成立，请债权人自本公告发布之日起四十五日内向清算组申报债权。清算组负责人：张某，联系电话：010-8XXXXXXX。

北京某某文化传媒有限公司经股东决定，公司注册资本由五百万元减少至一百万元，请债权人自公告之日起四十五日内向本公司提出清偿债务或者提供相应担保的请求。特此公告。

天津某某物流有限公司遗失公章一枚，声明作废。上海某某贸易有限公司遗失发票专用章一枚，声明作废。

北京某某餐饮管理有限公司经股东会决议，决定解散本公司，请债权人于见报之日起四十五日内到本公司清算组申报债权。特此公告。
